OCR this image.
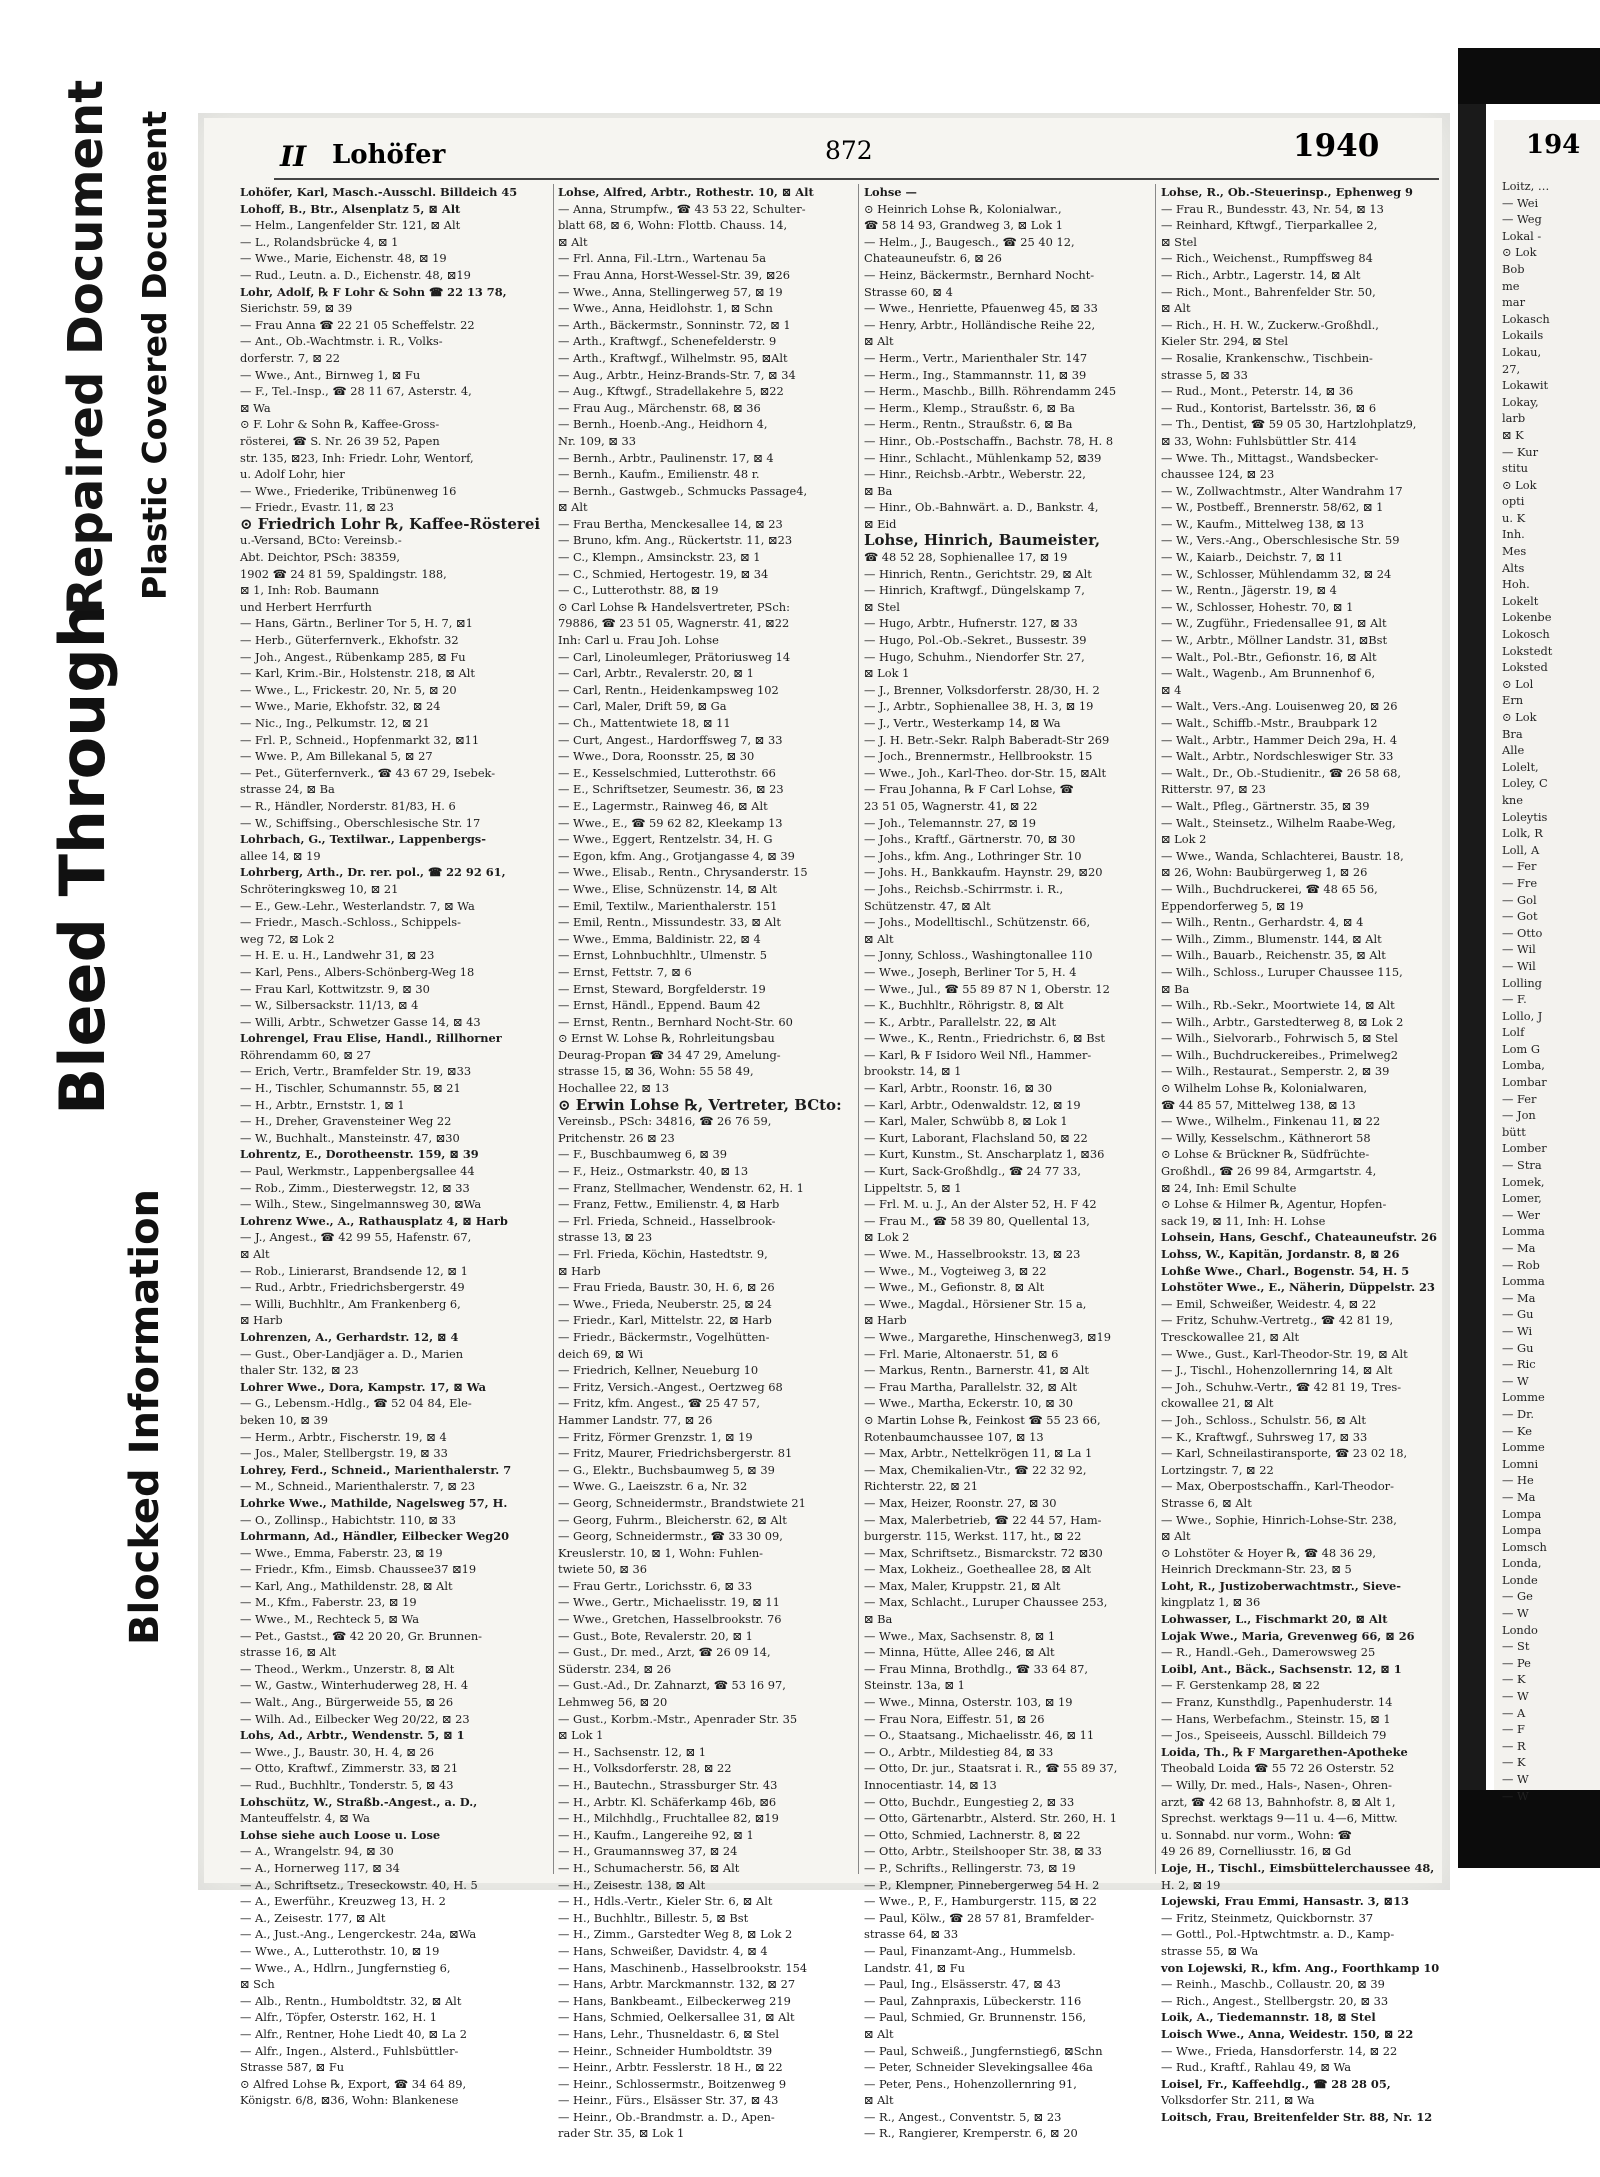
Bleed Through
Repaired Document Plastic Covered Document
Blocked Information
II Lohöfer	872	1940
Lohöfer, Karl, Masch.-Ausschl. Billdeich 45
Lohoff, B., Btr., Alsenplatz 5, ⊠ Alt
— Helm., Langenfelder Str. 121, ⊠ Alt
— L., Rolandsbrücke 4, ⊠ 1
— Wwe., Marie, Eichenstr. 48, ⊠ 19
— Rud., Leutn. a. D., Eichenstr. 48, ⊠19
Lohr, Adolf, ℞ F Lohr & Sohn ☎ 22 13 78,
Sierichstr. 59, ⊠ 39
— Frau Anna ☎ 22 21 05 Scheffelstr. 22
— Ant., Ob.-Wachtmstr. i. R., Volks-
dorferstr. 7, ⊠ 22
— Wwe., Ant., Birnweg 1, ⊠ Fu
— F., Tel.-Insp., ☎ 28 11 67, Asterstr. 4,
⊠ Wa
⊙ F. Lohr & Sohn ℞, Kaffee-Gross-
rösterei, ☎ S. Nr. 26 39 52, Papen
str. 135, ⊠23, Inh: Friedr. Lohr, Wentorf,
u. Adolf Lohr, hier
— Wwe., Friederike, Tribünenweg 16
— Friedr., Evastr. 11, ⊠ 23
⊙ Friedrich Lohr ℞, Kaffee-Rösterei
u.-Versand, BCto: Vereinsb.-
Abt. Deichtor, PSch: 38359,
1902 ☎ 24 81 59, Spaldingstr. 188,
⊠ 1, Inh: Rob. Baumann
und Herbert Herrfurth
— Hans, Gärtn., Berliner Tor 5, H. 7, ⊠1
— Herb., Güterfernverk., Ekhofstr. 32
— Joh., Angest., Rübenkamp 285, ⊠ Fu
— Karl, Krim.-Bir., Holstenstr. 218, ⊠ Alt
— Wwe., L., Frickestr. 20, Nr. 5, ⊠ 20
— Wwe., Marie, Ekhofstr. 32, ⊠ 24
— Nic., Ing., Pelkumstr. 12, ⊠ 21
— Frl. P., Schneid., Hopfenmarkt 32, ⊠11
— Wwe. P., Am Billekanal 5, ⊠ 27
— Pet., Güterfernverk., ☎ 43 67 29, Isebek-
strasse 24, ⊠ Ba
— R., Händler, Norderstr. 81/83, H. 6
— W., Schiffsing., Oberschlesische Str. 17
Lohrbach, G., Textilwar., Lappenbergs-
allee 14, ⊠ 19
Lohrberg, Arth., Dr. rer. pol., ☎ 22 92 61,
Schröteringksweg 10, ⊠ 21
— E., Gew.-Lehr., Westerlandstr. 7, ⊠ Wa
— Friedr., Masch.-Schloss., Schippels-
weg 72, ⊠ Lok 2
— H. E. u. H., Landwehr 31, ⊠ 23
— Karl, Pens., Albers-Schönberg-Weg 18
— Frau Karl, Kottwitzstr. 9, ⊠ 30
— W., Silbersackstr. 11/13, ⊠ 4
— Willi, Arbtr., Schwetzer Gasse 14, ⊠ 43
Lohrengel, Frau Elise, Handl., Rillhorner
Röhrendamm 60, ⊠ 27
— Erich, Vertr., Bramfelder Str. 19, ⊠33
— H., Tischler, Schumannstr. 55, ⊠ 21
— H., Arbtr., Ernststr. 1, ⊠ 1
— H., Dreher, Gravensteiner Weg 22
— W., Buchhalt., Mansteinstr. 47, ⊠30
Lohrentz, E., Dorotheenstr. 159, ⊠ 39
— Paul, Werkmstr., Lappenbergsallee 44
— Rob., Zimm., Diesterwegstr. 12, ⊠ 33
— Wilh., Stew., Singelmannsweg 30, ⊠Wa
Lohrenz Wwe., A., Rathausplatz 4, ⊠ Harb
— J., Angest., ☎ 42 99 55, Hafenstr. 67,
⊠ Alt
— Rob., Linierarst, Brandsende 12, ⊠ 1
— Rud., Arbtr., Friedrichsbergerstr. 49
— Willi, Buchhltr., Am Frankenberg 6,
⊠ Harb
Lohrenzen, A., Gerhardstr. 12, ⊠ 4
— Gust., Ober-Landjäger a. D., Marien
thaler Str. 132, ⊠ 23
Lohrer Wwe., Dora, Kampstr. 17, ⊠ Wa
— G., Lebensm.-Hdlg., ☎ 52 04 84, Ele-
beken 10, ⊠ 39
— Herm., Arbtr., Fischerstr. 19, ⊠ 4
— Jos., Maler, Stellbergstr. 19, ⊠ 33
Lohrey, Ferd., Schneid., Marienthalerstr. 7
— M., Schneid., Marienthalerstr. 7, ⊠ 23
Lohrke Wwe., Mathilde, Nagelsweg 57, H.
— O., Zollinsp., Habichtstr. 110, ⊠ 33
Lohrmann, Ad., Händler, Eilbecker Weg20
— Wwe., Emma, Faberstr. 23, ⊠ 19
— Friedr., Kfm., Eimsb. Chaussee37 ⊠19
— Karl, Ang., Mathildenstr. 28, ⊠ Alt
— M., Kfm., Faberstr. 23, ⊠ 19
— Wwe., M., Rechteck 5, ⊠ Wa
— Pet., Gastst., ☎ 42 20 20, Gr. Brunnen-
strasse 16, ⊠ Alt
— Theod., Werkm., Unzerstr. 8, ⊠ Alt
— W., Gastw., Winterhuderweg 28, H. 4
— Walt., Ang., Bürgerweide 55, ⊠ 26
— Wilh. Ad., Eilbecker Weg 20/22, ⊠ 23
Lohs, Ad., Arbtr., Wendenstr. 5, ⊠ 1
— Wwe., J., Baustr. 30, H. 4, ⊠ 26
— Otto, Kraftwf., Zimmerstr. 33, ⊠ 21
— Rud., Buchhltr., Tonderstr. 5, ⊠ 43
Lohschütz, W., Straßb.-Angest., a. D.,
Manteuffelstr. 4, ⊠ Wa
Lohse siehe auch Loose u. Lose
— A., Wrangelstr. 94, ⊠ 30
— A., Hornerweg 117, ⊠ 34
— A., Schriftsetz., Treseckowstr. 40, H. 5
— A., Ewerführ., Kreuzweg 13, H. 2
— A., Zeisestr. 177, ⊠ Alt
— A., Just.-Ang., Lengerckestr. 24a, ⊠Wa
— Wwe., A., Lutterothstr. 10, ⊠ 19
— Wwe., A., Hdlrn., Jungfernstieg 6,
⊠ Sch
— Alb., Rentn., Humboldtstr. 32, ⊠ Alt
— Alfr., Töpfer, Osterstr. 162, H. 1
— Alfr., Rentner, Hohe Liedt 40, ⊠ La 2
— Alfr., Ingen., Alsterd., Fuhlsbüttler-
Strasse 587, ⊠ Fu
⊙ Alfred Lohse ℞, Export, ☎ 34 64 89,
Königstr. 6/8, ⊠36, Wohn: Blankenese
Lohse, Alfred, Arbtr., Rothestr. 10, ⊠ Alt
— Anna, Strumpfw., ☎ 43 53 22, Schulter-
blatt 68, ⊠ 6, Wohn: Flottb. Chauss. 14,
⊠ Alt
— Frl. Anna, Fil.-Ltrn., Wartenau 5a
— Frau Anna, Horst-Wessel-Str. 39, ⊠26
— Wwe., Anna, Stellingerweg 57, ⊠ 19
— Wwe., Anna, Heidlohstr. 1, ⊠ Schn
— Arth., Bäckermstr., Sonninstr. 72, ⊠ 1
— Arth., Kraftwgf., Schenefelderstr. 9
— Arth., Kraftwgf., Wilhelmstr. 95, ⊠Alt
— Aug., Arbtr., Heinz-Brands-Str. 7, ⊠ 34
— Aug., Kftwgf., Stradellakehre 5, ⊠22
— Frau Aug., Märchenstr. 68, ⊠ 36
— Bernh., Hoenb.-Ang., Heidhorn 4,
Nr. 109, ⊠ 33
— Bernh., Arbtr., Paulinenstr. 17, ⊠ 4
— Bernh., Kaufm., Emilienstr. 48 r.
— Bernh., Gastwgeb., Schmucks Passage4,
⊠ Alt
— Frau Bertha, Menckesallee 14, ⊠ 23
— Bruno, kfm. Ang., Rückertstr. 11, ⊠23
— C., Klempn., Amsinckstr. 23, ⊠ 1
— C., Schmied, Hertogestr. 19, ⊠ 34
— C., Lutterothstr. 88, ⊠ 19
⊙ Carl Lohse ℞ Handelsvertreter, PSch:
79886, ☎ 23 51 05, Wagnerstr. 41, ⊠22
Inh: Carl u. Frau Joh. Lohse
— Carl, Linoleumleger, Prätoriusweg 14
— Carl, Arbtr., Revalerstr. 20, ⊠ 1
— Carl, Rentn., Heidenkampsweg 102
— Carl, Maler, Drift 59, ⊠ Ga
— Ch., Mattentwiete 18, ⊠ 11
— Curt, Angest., Hardorffsweg 7, ⊠ 33
— Wwe., Dora, Roonsstr. 25, ⊠ 30
— E., Kesselschmied, Lutterothstr. 66
— E., Schriftsetzer, Seumestr. 36, ⊠ 23
— E., Lagermstr., Rainweg 46, ⊠ Alt
— Wwe., E., ☎ 59 62 82, Kleekamp 13
— Wwe., Eggert, Rentzelstr. 34, H. G
— Egon, kfm. Ang., Grotjangasse 4, ⊠ 39
— Wwe., Elisab., Rentn., Chrysanderstr. 15
— Wwe., Elise, Schnüzenstr. 14, ⊠ Alt
— Emil, Textilw., Marienthalerstr. 151
— Emil, Rentn., Missundestr. 33, ⊠ Alt
— Wwe., Emma, Baldinistr. 22, ⊠ 4
— Ernst, Lohnbuchhltr., Ulmenstr. 5
— Ernst, Fettstr. 7, ⊠ 6
— Ernst, Steward, Borgfelderstr. 19
— Ernst, Händl., Eppend. Baum 42
— Ernst, Rentn., Bernhard Nocht-Str. 60
⊙ Ernst W. Lohse ℞, Rohrleitungsbau
Deurag-Propan ☎ 34 47 29, Amelung-
strasse 15, ⊠ 36, Wohn: 55 58 49,
Hochallee 22, ⊠ 13
⊙ Erwin Lohse ℞, Vertreter, BCto:
Vereinsb., PSch: 34816, ☎ 26 76 59,
Pritchenstr. 26 ⊠ 23
— F., Buschbaumweg 6, ⊠ 39
— F., Heiz., Ostmarkstr. 40, ⊠ 13
— Franz, Stellmacher, Wendenstr. 62, H. 1
— Franz, Fettw., Emilienstr. 4, ⊠ Harb
— Frl. Frieda, Schneid., Hasselbrook-
strasse 13, ⊠ 23
— Frl. Frieda, Köchin, Hastedtstr. 9,
⊠ Harb
— Frau Frieda, Baustr. 30, H. 6, ⊠ 26
— Wwe., Frieda, Neuberstr. 25, ⊠ 24
— Friedr., Karl, Mittelstr. 22, ⊠ Harb
— Friedr., Bäckermstr., Vogelhütten-
deich 69, ⊠ Wi
— Friedrich, Kellner, Neueburg 10
— Fritz, Versich.-Angest., Oertzweg 68
— Fritz, kfm. Angest., ☎ 25 47 57,
Hammer Landstr. 77, ⊠ 26
— Fritz, Förmer Grenzstr. 1, ⊠ 19
— Fritz, Maurer, Friedrichsbergerstr. 81
— G., Elektr., Buchsbaumweg 5, ⊠ 39
— Wwe. G., Laeiszstr. 6 a, Nr. 32
— Georg, Schneidermstr., Brandstwiete 21
— Georg, Fuhrm., Bleicherstr. 62, ⊠ Alt
— Georg, Schneidermstr., ☎ 33 30 09,
Kreuslerstr. 10, ⊠ 1, Wohn: Fuhlen-
twiete 50, ⊠ 36
— Frau Gertr., Lorichsstr. 6, ⊠ 33
— Wwe., Gertr., Michaelisstr. 19, ⊠ 11
— Wwe., Gretchen, Hasselbrookstr. 76
— Gust., Bote, Revalerstr. 20, ⊠ 1
— Gust., Dr. med., Arzt, ☎ 26 09 14,
Süderstr. 234, ⊠ 26
— Gust.-Ad., Dr. Zahnarzt, ☎ 53 16 97,
Lehmweg 56, ⊠ 20
— Gust., Korbm.-Mstr., Apenrader Str. 35
⊠ Lok 1
— H., Sachsenstr. 12, ⊠ 1
— H., Volksdorferstr. 28, ⊠ 22
— H., Bautechn., Strassburger Str. 43
— H., Arbtr. Kl. Schäferkamp 46b, ⊠6
— H., Milchhdlg., Fruchtallee 82, ⊠19
— H., Kaufm., Langereihe 92, ⊠ 1
— H., Graumannsweg 37, ⊠ 24
— H., Schumacherstr. 56, ⊠ Alt
— H., Zeisestr. 138, ⊠ Alt
— H., Hdls.-Vertr., Kieler Str. 6, ⊠ Alt
— H., Buchhltr., Billestr. 5, ⊠ Bst
— H., Zimm., Garstedter Weg 8, ⊠ Lok 2
— Hans, Schweißer, Davidstr. 4, ⊠ 4
— Hans, Maschinenb., Hasselbrookstr. 154
— Hans, Arbtr. Marckmannstr. 132, ⊠ 27
— Hans, Bankbeamt., Eilbeckerweg 219
— Hans, Schmied, Oelkersallee 31, ⊠ Alt
— Hans, Lehr., Thusneldastr. 6, ⊠ Stel
— Heinr., Schneider Humboldtstr. 39
— Heinr., Arbtr. Fesslerstr. 18 H., ⊠ 22
— Heinr., Schlossermstr., Boitzenweg 9
— Heinr., Fürs., Elsässer Str. 37, ⊠ 43
— Heinr., Ob.-Brandmstr. a. D., Apen-
rader Str. 35, ⊠ Lok 1
Lohse —
⊙ Heinrich Lohse ℞, Kolonialwar.,
☎ 58 14 93, Grandweg 3, ⊠ Lok 1
— Helm., J., Baugesch., ☎ 25 40 12,
Chateauneufstr. 6, ⊠ 26
— Heinz, Bäckermstr., Bernhard Nocht-
Strasse 60, ⊠ 4
— Wwe., Henriette, Pfauenweg 45, ⊠ 33
— Henry, Arbtr., Holländische Reihe 22,
⊠ Alt
— Herm., Vertr., Marienthaler Str. 147
— Herm., Ing., Stammannstr. 11, ⊠ 39
— Herm., Maschb., Billh. Röhrendamm 245
— Herm., Klemp., Straußstr. 6, ⊠ Ba
— Herm., Rentn., Straußstr. 6, ⊠ Ba
— Hinr., Ob.-Postschaffn., Bachstr. 78, H. 8
— Hinr., Schlacht., Mühlenkamp 52, ⊠39
— Hinr., Reichsb.-Arbtr., Weberstr. 22,
⊠ Ba
— Hinr., Ob.-Bahnwärt. a. D., Bankstr. 4,
⊠ Eid
Lohse, Hinrich, Baumeister,
☎ 48 52 28, Sophienallee 17, ⊠ 19
— Hinrich, Rentn., Gerichtstr. 29, ⊠ Alt
— Hinrich, Kraftwgf., Düngelskamp 7,
⊠ Stel
— Hugo, Arbtr., Hufnerstr. 127, ⊠ 33
— Hugo, Pol.-Ob.-Sekret., Bussestr. 39
— Hugo, Schuhm., Niendorfer Str. 27,
⊠ Lok 1
— J., Brenner, Volksdorferstr. 28/30, H. 2
— J., Arbtr., Sophienallee 38, H. 3, ⊠ 19
— J., Vertr., Westerkamp 14, ⊠ Wa
— J. H. Betr.-Sekr. Ralph Baberadt-Str 269
— Joch., Brennermstr., Hellbrookstr. 15
— Wwe., Joh., Karl-Theo. dor-Str. 15, ⊠Alt
— Frau Johanna, ℞ F Carl Lohse, ☎
23 51 05, Wagnerstr. 41, ⊠ 22
— Joh., Telemannstr. 27, ⊠ 19
— Johs., Kraftf., Gärtnerstr. 70, ⊠ 30
— Johs., kfm. Ang., Lothringer Str. 10
— Johs. H., Bankkaufm. Haynstr. 29, ⊠20
— Johs., Reichsb.-Schirrmstr. i. R.,
Schützenstr. 47, ⊠ Alt
— Johs., Modelltischl., Schützenstr. 66,
⊠ Alt
— Jonny, Schloss., Washingtonallee 110
— Wwe., Joseph, Berliner Tor 5, H. 4
— Wwe., Jul., ☎ 55 89 87 N 1, Oberstr. 12
— K., Buchhltr., Röhrigstr. 8, ⊠ Alt
— K., Arbtr., Parallelstr. 22, ⊠ Alt
— Wwe., K., Rentn., Friedrichstr. 6, ⊠ Bst
— Karl, ℞ F Isidoro Weil Nfl., Hammer-
brookstr. 14, ⊠ 1
— Karl, Arbtr., Roonstr. 16, ⊠ 30
— Karl, Arbtr., Odenwaldstr. 12, ⊠ 19
— Karl, Maler, Schwübb 8, ⊠ Lok 1
— Kurt, Laborant, Flachsland 50, ⊠ 22
— Kurt, Kunstm., St. Anscharplatz 1, ⊠36
— Kurt, Sack-Großhdlg., ☎ 24 77 33,
Lippeltstr. 5, ⊠ 1
— Frl. M. u. J., An der Alster 52, H. F 42
— Frau M., ☎ 58 39 80, Quellental 13,
⊠ Lok 2
— Wwe. M., Hasselbrookstr. 13, ⊠ 23
— Wwe., M., Vogteiweg 3, ⊠ 22
— Wwe., M., Gefionstr. 8, ⊠ Alt
— Wwe., Magdal., Hörsiener Str. 15 a,
⊠ Harb
— Wwe., Margarethe, Hinschenweg3, ⊠19
— Frl. Marie, Altonaerstr. 51, ⊠ 6
— Markus, Rentn., Barnerstr. 41, ⊠ Alt
— Frau Martha, Parallelstr. 32, ⊠ Alt
— Wwe., Martha, Eckerstr. 10, ⊠ 30
⊙ Martin Lohse ℞, Feinkost ☎ 55 23 66,
Rotenbaumchaussee 107, ⊠ 13
— Max, Arbtr., Nettelkrögen 11, ⊠ La 1
— Max, Chemikalien-Vtr., ☎ 22 32 92,
Richterstr. 22, ⊠ 21
— Max, Heizer, Roonstr. 27, ⊠ 30
— Max, Malerbetrieb, ☎ 22 44 57, Ham-
burgerstr. 115, Werkst. 117, ht., ⊠ 22
— Max, Schriftsetz., Bismarckstr. 72 ⊠30
— Max, Lokheiz., Goetheallee 28, ⊠ Alt
— Max, Maler, Kruppstr. 21, ⊠ Alt
— Max, Schlacht., Luruper Chaussee 253,
⊠ Ba
— Wwe., Max, Sachsenstr. 8, ⊠ 1
— Minna, Hütte, Allee 246, ⊠ Alt
— Frau Minna, Brothdlg., ☎ 33 64 87,
Steinstr. 13a, ⊠ 1
— Wwe., Minna, Osterstr. 103, ⊠ 19
— Frau Nora, Eiffestr. 51, ⊠ 26
— O., Staatsang., Michaelisstr. 46, ⊠ 11
— O., Arbtr., Mildestieg 84, ⊠ 33
— Otto, Dr. jur., Staatsrat i. R., ☎ 55 89 37,
Innocentiastr. 14, ⊠ 13
— Otto, Buchdr., Eungestieg 2, ⊠ 33
— Otto, Gärtenarbtr., Alsterd. Str. 260, H. 1
— Otto, Schmied, Lachnerstr. 8, ⊠ 22
— Otto, Arbtr., Steilshooper Str. 38, ⊠ 33
— P., Schrifts., Rellingerstr. 73, ⊠ 19
— P., Klempner, Pinnebergerweg 54 H. 2
— Wwe., P., F., Hamburgerstr. 115, ⊠ 22
— Paul, Kölw., ☎ 28 57 81, Bramfelder-
strasse 64, ⊠ 33
— Paul, Finanzamt-Ang., Hummelsb.
Landstr. 41, ⊠ Fu
— Paul, Ing., Elsässerstr. 47, ⊠ 43
— Paul, Zahnpraxis, Lübeckerstr. 116
— Paul, Schmied, Gr. Brunnenstr. 156,
⊠ Alt
— Paul, Schweiß., Jungfernstieg6, ⊠Schn
— Peter, Schneider Slevekingsallee 46a
— Peter, Pens., Hohenzollernring 91,
⊠ Alt
— R., Angest., Conventstr. 5, ⊠ 23
— R., Rangierer, Kremperstr. 6, ⊠ 20
Lohse, R., Ob.-Steuerinsp., Ephenweg 9
— Frau R., Bundesstr. 43, Nr. 54, ⊠ 13
— Reinhard, Kftwgf., Tierparkallee 2,
⊠ Stel
— Rich., Weichenst., Rumpffsweg 84
— Rich., Arbtr., Lagerstr. 14, ⊠ Alt
— Rich., Mont., Bahrenfelder Str. 50,
⊠ Alt
— Rich., H. H. W., Zuckerw.-Großhdl.,
Kieler Str. 294, ⊠ Stel
— Rosalie, Krankenschw., Tischbein-
strasse 5, ⊠ 33
— Rud., Mont., Peterstr. 14, ⊠ 36
— Rud., Kontorist, Bartelsstr. 36, ⊠ 6
— Th., Dentist, ☎ 59 05 30, Hartzlohplatz9,
⊠ 33, Wohn: Fuhlsbüttler Str. 414
— Wwe. Th., Mittagst., Wandsbecker-
chaussee 124, ⊠ 23
— W., Zollwachtmstr., Alter Wandrahm 17
— W., Postbeff., Brennerstr. 58/62, ⊠ 1
— W., Kaufm., Mittelweg 138, ⊠ 13
— W., Vers.-Ang., Oberschlesische Str. 59
— W., Kaiarb., Deichstr. 7, ⊠ 11
— W., Schlosser, Mühlendamm 32, ⊠ 24
— W., Rentn., Jägerstr. 19, ⊠ 4
— W., Schlosser, Hohestr. 70, ⊠ 1
— W., Zugführ., Friedensallee 91, ⊠ Alt
— W., Arbtr., Möllner Landstr. 31, ⊠Bst
— Walt., Pol.-Btr., Gefionstr. 16, ⊠ Alt
— Walt., Wagenb., Am Brunnenhof 6,
⊠ 4
— Walt., Vers.-Ang. Louisenweg 20, ⊠ 26
— Walt., Schiffb.-Mstr., Braubpark 12
— Walt., Arbtr., Hammer Deich 29a, H. 4
— Walt., Arbtr., Nordschleswiger Str. 33
— Walt., Dr., Ob.-Studienitr., ☎ 26 58 68,
Ritterstr. 97, ⊠ 23
— Walt., Pfleg., Gärtnerstr. 35, ⊠ 39
— Walt., Steinsetz., Wilhelm Raabe-Weg,
⊠ Lok 2
— Wwe., Wanda, Schlachterei, Baustr. 18,
⊠ 26, Wohn: Baubürgerweg 1, ⊠ 26
— Wilh., Buchdruckerei, ☎ 48 65 56,
Eppendorferweg 5, ⊠ 19
— Wilh., Rentn., Gerhardstr. 4, ⊠ 4
— Wilh., Zimm., Blumenstr. 144, ⊠ Alt
— Wilh., Bauarb., Reichenstr. 35, ⊠ Alt
— Wilh., Schloss., Luruper Chaussee 115,
⊠ Ba
— Wilh., Rb.-Sekr., Moortwiete 14, ⊠ Alt
— Wilh., Arbtr., Garstedterweg 8, ⊠ Lok 2
— Wilh., Sielvorarb., Fohrwisch 5, ⊠ Stel
— Wilh., Buchdruckereibes., Primelweg2
— Wilh., Restaurat., Semperstr. 2, ⊠ 39
⊙ Wilhelm Lohse ℞, Kolonialwaren,
☎ 44 85 57, Mittelweg 138, ⊠ 13
— Wwe., Wilhelm., Finkenau 11, ⊠ 22
— Willy, Kesselschm., Käthnerort 58
⊙ Lohse & Brückner ℞, Südfrüchte-
Großhdl., ☎ 26 99 84, Armgartstr. 4,
⊠ 24, Inh: Emil Schulte
⊙ Lohse & Hilmer ℞, Agentur, Hopfen-
sack 19, ⊠ 11, Inh: H. Lohse
Lohsein, Hans, Geschf., Chateauneufstr. 26
Lohss, W., Kapitän, Jordanstr. 8, ⊠ 26
Lohße Wwe., Charl., Bogenstr. 54, H. 5
Lohstöter Wwe., E., Näherin, Düppelstr. 23
— Emil, Schweißer, Weidestr. 4, ⊠ 22
— Fritz, Schuhw.-Vertretg., ☎ 42 81 19,
Tresckowallee 21, ⊠ Alt
— Wwe., Gust., Karl-Theodor-Str. 19, ⊠ Alt
— J., Tischl., Hohenzollernring 14, ⊠ Alt
— Joh., Schuhw.-Vertr., ☎ 42 81 19, Tres-
ckowallee 21, ⊠ Alt
— Joh., Schloss., Schulstr. 56, ⊠ Alt
— K., Kraftwgf., Suhrsweg 17, ⊠ 33
— Karl, Schneilastiransporte, ☎ 23 02 18,
Lortzingstr. 7, ⊠ 22
— Max, Oberpostschaffn., Karl-Theodor-
Strasse 6, ⊠ Alt
— Wwe., Sophie, Hinrich-Lohse-Str. 238,
⊠ Alt
⊙ Lohstöter & Hoyer ℞, ☎ 48 36 29,
Heinrich Dreckmann-Str. 23, ⊠ 5
Loht, R., Justizoberwachtmstr., Sieve-
kingplatz 1, ⊠ 36
Lohwasser, L., Fischmarkt 20, ⊠ Alt
Lojak Wwe., Maria, Grevenweg 66, ⊠ 26
— R., Handl.-Geh., Damerowsweg 25
Loibl, Ant., Bäck., Sachsenstr. 12, ⊠ 1
— F. Gerstenkamp 28, ⊠ 22
— Franz, Kunsthdlg., Papenhuderstr. 14
— Hans, Werbefachm., Steinstr. 15, ⊠ 1
— Jos., Speiseeis, Ausschl. Billdeich 79
Loida, Th., ℞ F Margarethen-Apotheke
Theobald Loida ☎ 55 72 26 Osterstr. 52
— Willy, Dr. med., Hals-, Nasen-, Ohren-
arzt, ☎ 42 68 13, Bahnhofstr. 8, ⊠ Alt 1,
Sprechst. werktags 9—11 u. 4—6, Mittw.
u. Sonnabd. nur vorm., Wohn: ☎
49 26 89, Cornelliusstr. 16, ⊠ Gd
Loje, H., Tischl., Eimsbüttelerchaussee 48,
H. 2, ⊠ 19
Lojewski, Frau Emmi, Hansastr. 3, ⊠13
— Fritz, Steinmetz, Quickbornstr. 37
— Gottl., Pol.-Hptwchtmstr. a. D., Kamp-
strasse 55, ⊠ Wa
von Lojewski, R., kfm. Ang., Foorthkamp 10
— Reinh., Maschb., Collaustr. 20, ⊠ 39
— Rich., Angest., Stellbergstr. 20, ⊠ 33
Loik, A., Tiedemannstr. 18, ⊠ Stel
Loisch Wwe., Anna, Weidestr. 150, ⊠ 22
— Wwe., Frieda, Hansdorferstr. 14, ⊠ 22
— Rud., Kraftf., Rahlau 49, ⊠ Wa
Loisel, Fr., Kaffeehdlg., ☎ 28 28 05,
Volksdorfer Str. 211, ⊠ Wa
Loitsch, Frau, Breitenfelder Str. 88, Nr. 12
194
Loitz, …
— Wei
— Weg
Lokal -
⊙ Lok
Bob
me
mar
Lokasch
Lokails
Lokau,
27,
Lokawit
Lokay,
larb
⊠ K
— Kur
stitu
⊙ Lok
opti
u. K
Inh.
Mes
Alts
Hoh.
Lokelt
Lokenbe
Lokosch
Lokstedt
Loksted
⊙ Lol
Ern
⊙ Lok
Bra
Alle
Lolelt,
Loley, C
kne
Loleytis
Lolk, R
Loll, A
— Fer
— Fre
— Gol
— Got
— Otto
— Wil
— Wil
Lolling
— F.
Lollo, J
Lolf
Lom G
Lomba,
Lombar
— Fer
— Jon
bütt
Lomber
— Stra
Lomek,
Lomer,
— Wer
Lomma
— Ma
— Rob
Lomma
— Ma
— Gu
— Wi
— Gu
— Ric
— W
Lomme
— Dr.
— Ke
Lomme
Lomni
— He
— Ma
Lompa
Lompa
Lomsch
Londa,
Londe
— Ge
— W
Londo
— St
— Pe
— K
— W
— A
— F
— R
— K
— W
— W
